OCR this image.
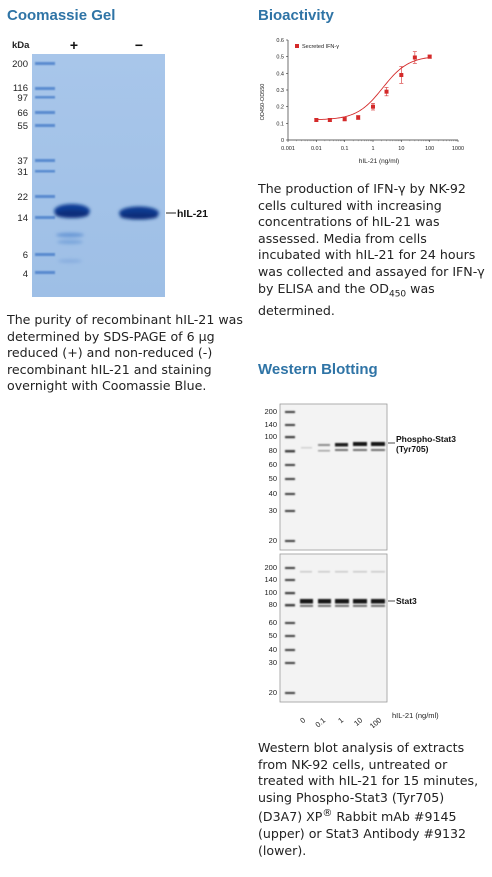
Coomassie Gel
kDa	+	−
hIL-21
200
116
97
66
55
37
31
22
14
6
4
The purity of recombinant hIL-21 was determined by SDS-PAGE of 6 µg reduced (+) and non-reduced (-) recombinant hIL-21 and staining overnight with Coomassie Blue.
Bioactivity
0
0.1
0.2
0.3
0.4
0.5
0.6
0.001	0.01	0.1	1	10	100	1000
OD450-OD550
hIL-21 (ng/ml)
Secreted IFN-γ
The production of IFN-γ by NK-92 cells cultured with increasing concentrations of hIL-21 was assessed. Media from cells incubated with hIL-21 for 24 hours was collected and assayed for IFN-γ by ELISA and the $OD_{450}$ was determined.
Western Blotting
Phospho-Stat3
(Tyr705)
200
140
100
80
60
50
40
30
20
Stat3
200
140
100
80
60
50
40
30
20
0 0.1 1 10 100
hIL-21 (ng/ml)
Western blot analysis of extracts from NK-92 cells, untreated or treated with hIL-21 for 15 minutes, using Phospho-Stat3 (Tyr705) (D3A7) XP® Rabbit mAb #9145 (upper) or Stat3 Antibody #9132 (lower).
